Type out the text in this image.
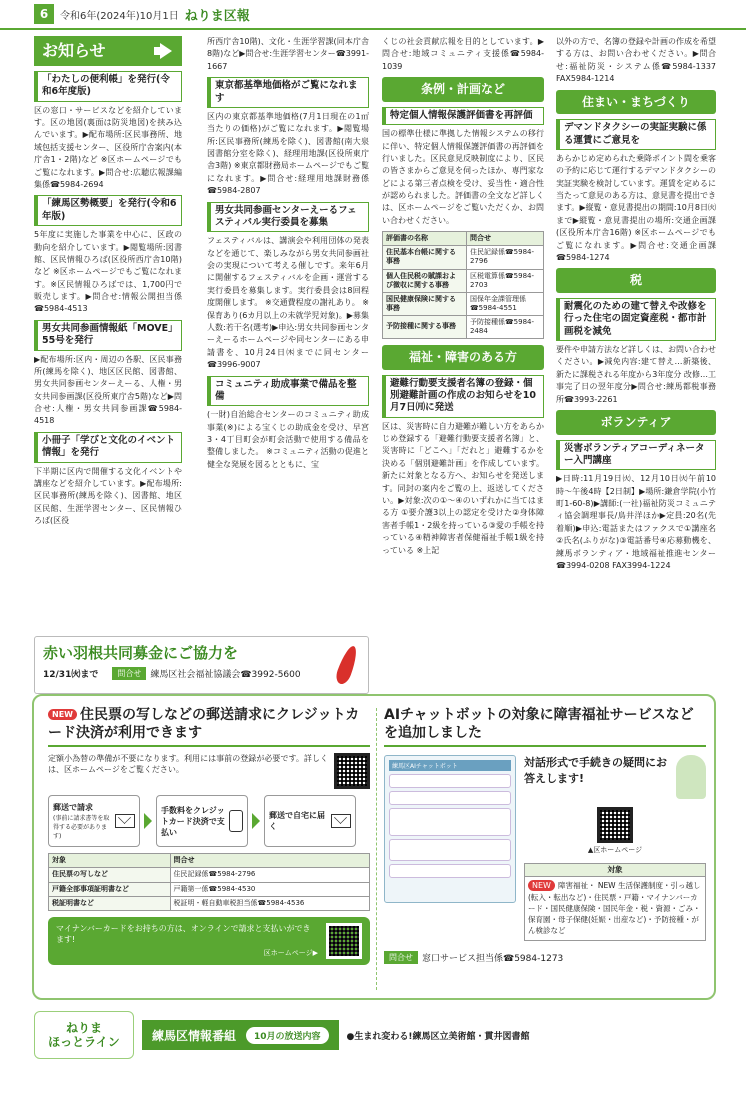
6	令和6年(2024年)10月1日 ねりま区報
お知らせ
「わたしの便利帳」を発行(令和6年度版)
区の窓口・サービスなどを紹介しています。区の地図(裏面は防災地図)を挟み込んでいます。▶配布場所:区民事務所、地域包括支援センター、区役所庁舎案内(本庁舎1・2階)など ※区ホームページでもご覧になれます。▶問合せ:広聴広報課編集係☎5984-2694
「練馬区勢概要」を発行(令和6年版)
5年度に実施した事業を中心に、区政の動向を紹介しています。▶閲覧場所:図書館、区民情報ひろば(区役所西庁舎10階)など ※区ホームページでもご覧になれます。※区民情報ひろばでは、1,700円で販売します。▶問合せ:情報公開担当係☎5984-4513
男女共同参画情報紙「MOVE」55号を発行
▶配布場所:区内・周辺の各駅、区民事務所(練馬を除く)、地区区民館、図書館、男女共同参画センターえーる、人権・男女共同参画課(区役所東庁舎5階)など▶問合せ:人権・男女共同参画課☎5984-4518
小冊子「学びと文化のイベント情報」を発行
下半期に区内で開催する文化イベントや講座などを紹介しています。▶配布場所:区民事務所(練馬を除く)、図書館、地区区民館、生涯学習センター、区民情報ひろば(区役
所西庁舎10階)、文化・生涯学習課(同本庁舎8階)など▶問合せ:生涯学習センター☎3991-1667
東京都基準地価格がご覧になれます
区内の東京都基準地価格(7月1日現在の1㎡当たりの価格)がご覧になれます。▶閲覧場所:区民事務所(練馬を除く)、図書館(南大泉図書館分室を除く)、経理用地課(区役所東庁舎3階) ※東京都財務局ホームページでもご覧になれます。▶問合せ:経理用地課財務係☎5984-2807
男女共同参画センターえーるフェスティバル実行委員を募集
フェスティバルは、講演会や利用団体の発表などを通じて、楽しみながら男女共同参画社会の実現について考える催しです。来年6月に開催するフェスティバルを企画・運営する実行委員を募集します。実行委員会は8回程度開催します。 ※交通費程度の謝礼あり。 ※保育あり(6カ月以上の未就学児対象)。▶募集人数:若干名(選考)▶申込:男女共同参画センターえーるホームページや同センターにある申請書を、10月24日㈭までに同センター☎3996-9007
コミュニティ助成事業で備品を整備
(一財)自治総合センターのコミュニティ助成事業(※)による宝くじの助成金を受け、早宮3・4丁目町会が町会活動で使用する備品を整備しました。 ※コミュニティ活動の促進と健全な発展を図るとともに、宝
くじの社会貢献広報を目的としています。▶問合せ:地域コミュニティ支援係☎5984-1039
条例・計画など
特定個人情報保護評価書を再評価
国の標準仕様に準拠した情報システムの移行に伴い、特定個人情報保護評価書の再評価を行いました。区民意見反映制度により、区民の皆さまからご意見を伺ったほか、専門家などによる第三者点検を受け、妥当性・適合性が認められました。評価書の全文など詳しくは、区ホームページをご覧いただくか、お問い合わせください。
評価書の名称	問合せ
住民基本台帳に関する事務	住民記録係☎5984-2796
個人住民税の賦課および徴収に関する事務	区税電算係☎5984-2703
国民健康保険に関する事務	国保年金課管理係☎5984-4551
予防接種に関する事務	予防接種係☎5984-2484
福祉・障害のある方
避難行動要支援者名簿の登録・個別避難計画の作成のお知らせを10月7日㈪に発送
区は、災害時に自力避難が難しい方をあらかじめ登録する「避難行動要支援者名簿」と、災害時に「どこへ」「だれと」避難するかを決める「個別避難計画」を作成しています。新たに対象となる方へ、お知らせを発送します。同封の案内をご覧の上、返送してください。▶対象:次の①〜④のいずれかに当てはまる方 ①要介護3以上の認定を受けた②身体障害者手帳1・2級を持っている③愛の手帳を持っている④精神障害者保健福祉手帳1級を持っている ※上記
以外の方で、名簿の登録や計画の作成を希望する方は、お問い合わせください。▶問合せ:福祉防災・システム係☎5984-1337 FAX5984-1214
住まい・まちづくり
デマンドタクシーの実証実験に係る運賃にご意見を
あらかじめ定められた乗降ポイント間を乗客の予約に応じて運行するデマンドタクシーの実証実験を検討しています。運賃を定めるに当たって意見のある方は、意見書を提出できます。▶縦覧・意見書提出の期間:10月8日㈫まで▶縦覧・意見書提出の場所:交通企画課(区役所本庁舎16階) ※区ホームページでもご覧になれます。▶問合せ:交通企画課☎5984-1274
税
耐震化のための建て替えや改修を行った住宅の固定資産税・都市計画税を減免
要件や申請方法など詳しくは、お問い合わせください。▶減免内容:建て替え…新築後、新たに課税される年度から3年度分 改修…工事完了日の翌年度分▶問合せ:練馬都税事務所☎3993-2261
ボランティア
災害ボランティアコーディネーター入門講座
▶日時:11月19日㈫、12月10日㈫午前10時〜午後4時【2日制】▶場所:鎌倉学院(小竹町1-60-8)▶講師:(一社)福祉防災コミュニティ協会調理事長/鳥井洋ほか▶定員:20名(先着順)▶申込:電話またはファクスで①講座名②氏名(ふりがな)③電話番号④応募動機を、練馬ボランティア・地域福祉推進センター☎3994-0208 FAX3994-1224
赤い羽根共同募金にご協力を
12/31㈫まで	問合せ	練馬区社会福祉協議会☎3992-5600
NEW 住民票の写しなどの郵送請求にクレジットカード決済が利用できます
定額小為替の準備が不要になります。利用には事前の登録が必要です。詳しくは、区ホームページをご覧ください。
郵送で請求
(事前に請求書等を取得する必要があります)
手数料をクレジットカード決済で支払い
郵送で自宅に届く
対象	問合せ
住民票の写しなど	住民記録係☎5984-2796
戸籍全部事項証明書など	戸籍第一係☎5984-4530
税証明書など	税証明・軽自動車税担当係☎5984-4536
マイナンバーカードをお持ちの方は、オンラインで請求と支払いができます!
区ホームページ▶
AIチャットボットの対象に障害福祉サービスなどを追加しました
練馬区AIチャットボット	対話形式で手続きの疑問にお答えします!
▲区ホームページ
対象
NEW 障害福祉・ NEW 生活保護制度・引っ越し(転入・転出など)・住民票・戸籍・マイナンバーカード・国民健康保険・国民年金・税・資源・ごみ・保育園・母子保健(妊娠・出産など)・予防接種・がん検診など
問合せ	窓口サービス担当係☎5984-1273
ねりま
ほっとライン	練馬区情報番組	10月の放送内容	●生まれ変わる!練馬区立美術館・貫井図書館
